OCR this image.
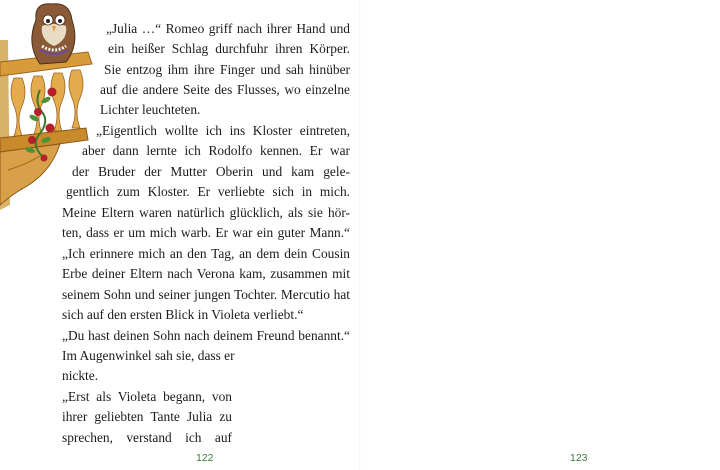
„Julia …“ Romeo griff nach ihrer Hand und
ein heißer Schlag durchfuhr ihren Körper.
Sie entzog ihm ihre Finger und sah hinüber
auf die andere Seite des Flusses, wo einzelne
Lichter leuchteten.
„Eigentlich wollte ich ins Kloster eintreten,
aber dann lernte ich Rodolfo kennen. Er war
der Bruder der Mutter Oberin und kam gele-
gentlich zum Kloster. Er verliebte sich in mich.
Meine Eltern waren natürlich glücklich, als sie hör-
ten, dass er um mich warb. Er war ein guter Mann.“
„Ich erinnere mich an den Tag, an dem dein Cousin
Erbe deiner Eltern nach Verona kam, zusammen mit
seinem Sohn und seiner jungen Tochter. Mercutio hat
sich auf den ersten Blick in Violeta verliebt.“
„Du hast deinen Sohn nach deinem Freund benannt.“
Im Augenwinkel sah sie, dass er
nickte.
„Erst als Violeta begann, von
ihrer geliebten Tante Julia zu
sprechen, verstand ich auf
122	123
